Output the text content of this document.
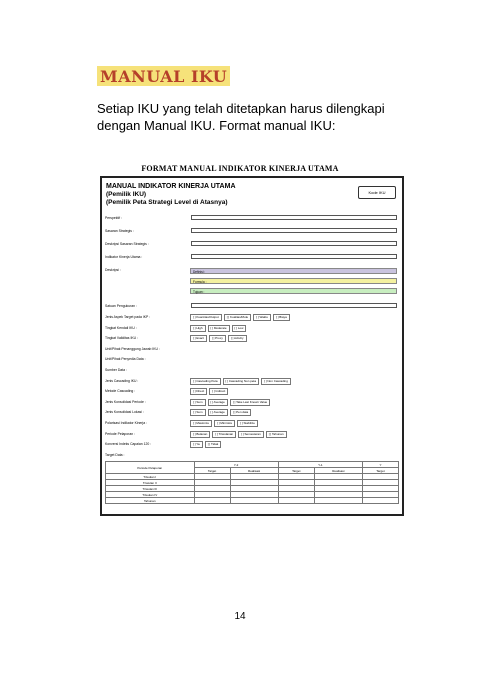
MANUAL IKU
Setiap IKU yang telah ditetapkan harus dilengkapi dengan Manual IKU. Format manual IKU:
FORMAT MANUAL INDIKATOR KINERJA UTAMA
MANUAL INDIKATOR KINERJA UTAMA
(Pemilik IKU)
(Pemilik Peta Strategi Level di Atasnya)
Kode IKU
Perspektif :
Sasaran Strategis :
Deskripsi Sasaran Strategis :
Indikator Kinerja Utama :
Deskripsi :	Definisi :
Formula :
Tujuan :
Satuan Pengukuran :
Jenis Aspek Target pada IKP :	[ ] Kuantitas/Output	[ ] Kualitas/Mutu	[ ] Waktu	[ ] Biaya
Tingkat Kendali IKU :	[ ] High	[ ] Moderate	[ ] Low
Tingkat Validitas IKU :	[ ] Exact	[ ] Proxy	[ ] Activity
Unit/Pihak Penanggung Jawab IKU :
Unit/Pihak Penyedia Data :
Sumber Data :
Jenis Cascading IKU :	[ ] Cascading Peta	[ ] Cascading Non peta	[ ] Non Cascading
Metode Cascading :	[ ] Direct	[ ] Indirect
Jenis Konsolidasi Periode :	[ ] Sum	[ ] Average	[ ] Take Last Known Value
Jenis Konsolidasi Lokasi :	[ ] Sum	[ ] Average	[ ] Pen data
Polarisasi Indikator Kinerja :	[ ] Maximize	[ ] Minimize	[ ] Stabilize
Periode Pelaporan :	[ ] Bulanan	[ ] Triwulanan	[ ] Semesteran	[ ] Tahunan
Konversi Indeks Capaian 120 :	[ ] Ya	[ ] Tidak
Target Data :
Periode Pelaporan	Y-2		Y-1		Y
	Target	Realisasi	Target	Realisasi	Target
Triwulan I					
Triwulan II					
Triwulan III					
Triwulan IV					
Tahunan					
14
